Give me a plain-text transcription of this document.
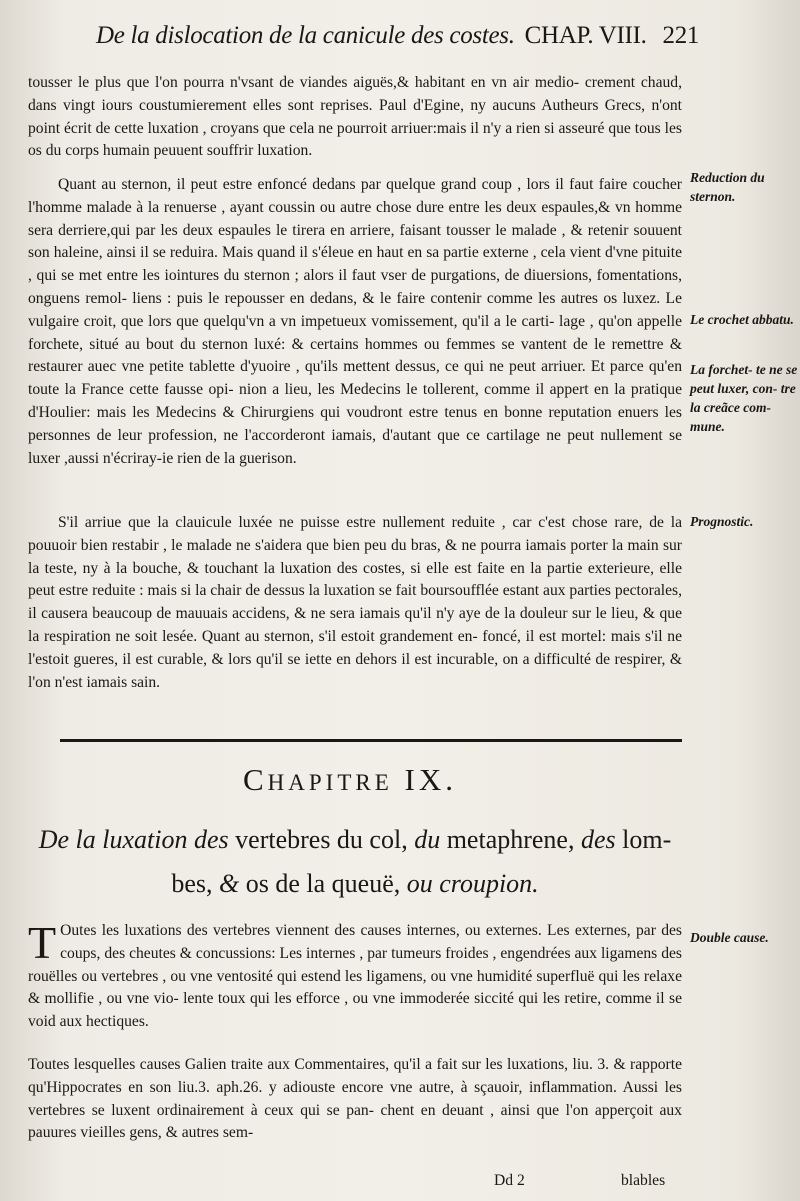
De la dislocation de la canicule des costes. CHAP. VIII. 221

tousser le plus que l'on pourra n'vsant de viandes aiguës,& habitant en vn air medio- crement chaud, dans vingt iours coustumierement elles sont reprises. Paul d'Egine, ny aucuns Autheurs Grecs, n'ont point écrit de cette luxation , croyans que cela ne pourroit arriuer:mais il n'y a rien si asseuré que tous les os du corps humain peuuent souffrir luxation.

Quant au sternon, il peut estre enfoncé dedans par quelque grand coup , lors il faut faire coucher l'homme malade à la renuerse , ayant coussin ou autre chose dure entre les deux espaules,& vn homme sera derriere,qui par les deux espaules le tirera en arriere, faisant tousser le malade , & retenir souuent son haleine, ainsi il se reduira. Mais quand il s'éleue en haut en sa partie externe , cela vient d'vne pituite , qui se met entre les iointures du sternon ; alors il faut vser de purgations, de diuersions, fomentations, onguens remol- liens : puis le repousser en dedans, & le faire contenir comme les autres os luxez. Le vulgaire croit, que lors que quelqu'vn a vn impetueux vomissement, qu'il a le carti- lage , qu'on appelle forchete, situé au bout du sternon luxé: & certains hommes ou femmes se vantent de le remettre & restaurer auec vne petite tablette d'yuoire , qu'ils mettent dessus, ce qui ne peut arriuer. Et parce qu'en toute la France cette fausse opi- nion a lieu, les Medecins le tollerent, comme il appert en la pratique d'Houlier: mais les Medecins & Chirurgiens qui voudront estre tenus en bonne reputation enuers les personnes de leur profession, ne l'accorderont iamais, d'autant que ce cartilage ne peut nullement se luxer ,aussi n'écriray-ie rien de la guerison.

S'il arriue que la clauicule luxée ne puisse estre nullement reduite , car c'est chose rare, de la pouuoir bien restabir , le malade ne s'aidera que bien peu du bras, & ne pourra iamais porter la main sur la teste, ny à la bouche, & touchant la luxation des costes, si elle est faite en la partie exterieure, elle peut estre reduite : mais si la chair de dessus la luxation se fait boursoufflée estant aux parties pectorales, il causera beaucoup de mauuais accidens, & ne sera iamais qu'il n'y aye de la douleur sur le lieu, & que la respiration ne soit lesée. Quant au sternon, s'il estoit grandement en- foncé, il est mortel: mais s'il ne l'estoit gueres, il est curable, & lors qu'il se iette en dehors il est incurable, on a difficulté de respirer, & l'on n'est iamais sain.

CHAPITRE IX.
De la luxation des vertebres du col, du metaphrene, des lom- bes, & os de la queuë, ou croupion.

T Outes les luxations des vertebres viennent des causes internes, ou externes. Les externes, par des coups, des cheutes & concussions: Les internes , par tumeurs froides , engendrées aux ligamens des rouëlles ou vertebres , ou vne ventosité qui estend les ligamens, ou vne humidité superfluë qui les relaxe & mollifie , ou vne vio- lente toux qui les efforce , ou vne immoderée siccité qui les retire, comme il se void aux hectiques.

Toutes lesquelles causes Galien traite aux Commentaires, qu'il a fait sur les luxations, liu. 3. & rapporte qu'Hippocrates en son liu.3. aph.26. y adiouste encore vne autre, à sçauoir, inflammation. Aussi les vertebres se luxent ordinairement à ceux qui se pan- chent en deuant , ainsi que l'on apperçoit aux pauures vieilles gens, & autres sem-

Dd 2	blables
Reduction du sternon.
Le crochet abbatu.
La forchet- te ne se peut luxer, con- tre la creãce com- mune.
Prognostic.
Double cause.
